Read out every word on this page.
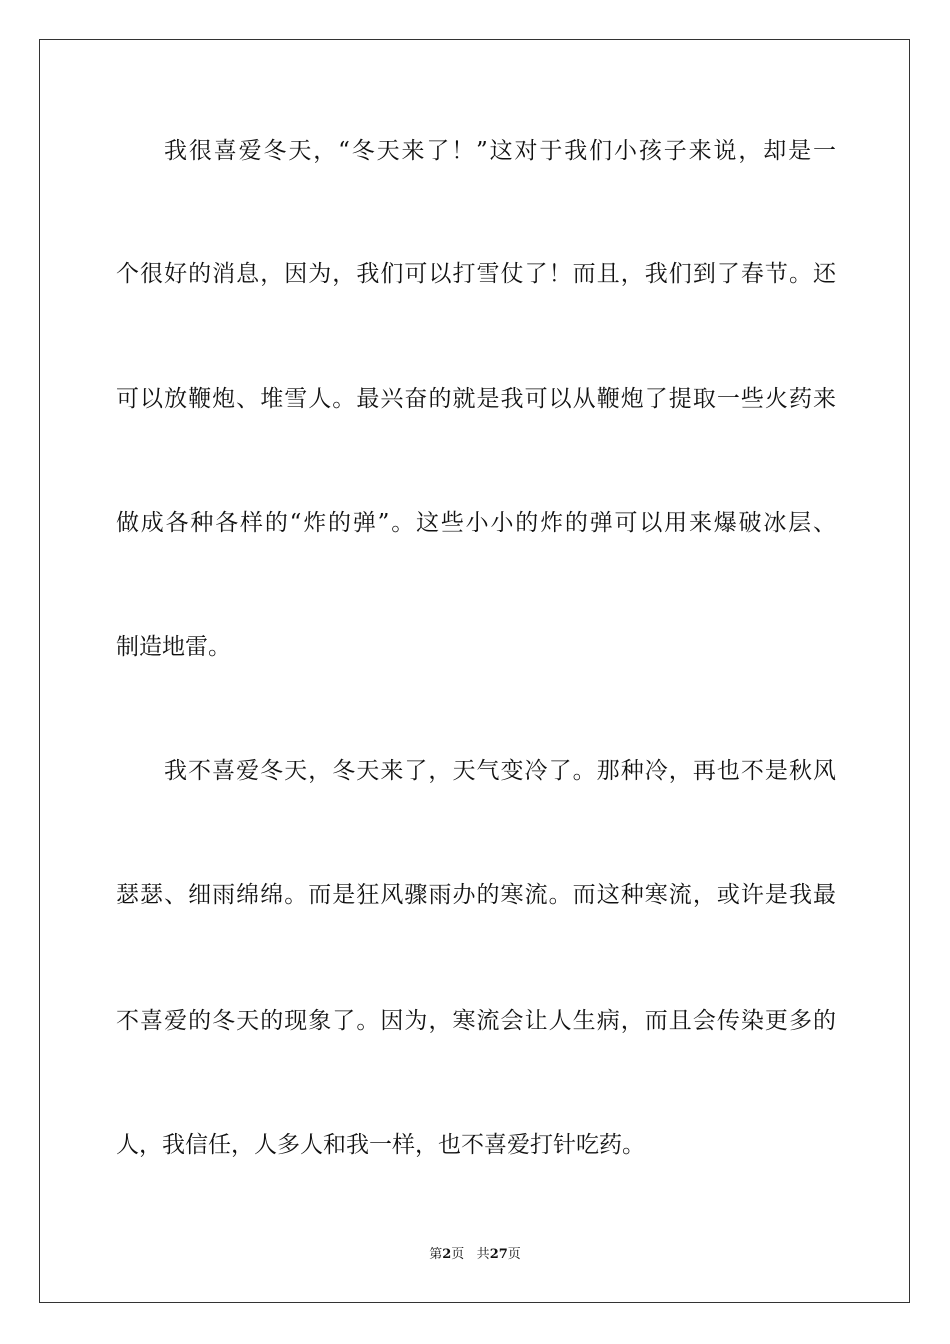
我很喜爱冬天，“冬天来了！”这对于我们小孩子来说，却是一
个很好的消息，因为，我们可以打雪仗了！而且，我们到了春节。还
可以放鞭炮、堆雪人。最兴奋的就是我可以从鞭炮了提取一些火药来
做成各种各样的“炸的弹”。这些小小的炸的弹可以用来爆破冰层、
制造地雷。
我不喜爱冬天，冬天来了，天气变冷了。那种冷，再也不是秋风
瑟瑟、细雨绵绵。而是狂风骤雨办的寒流。而这种寒流，或许是我最
不喜爱的冬天的现象了。因为，寒流会让人生病，而且会传染更多的
人，我信任，人多人和我一样，也不喜爱打针吃药。
第2页 共27页
